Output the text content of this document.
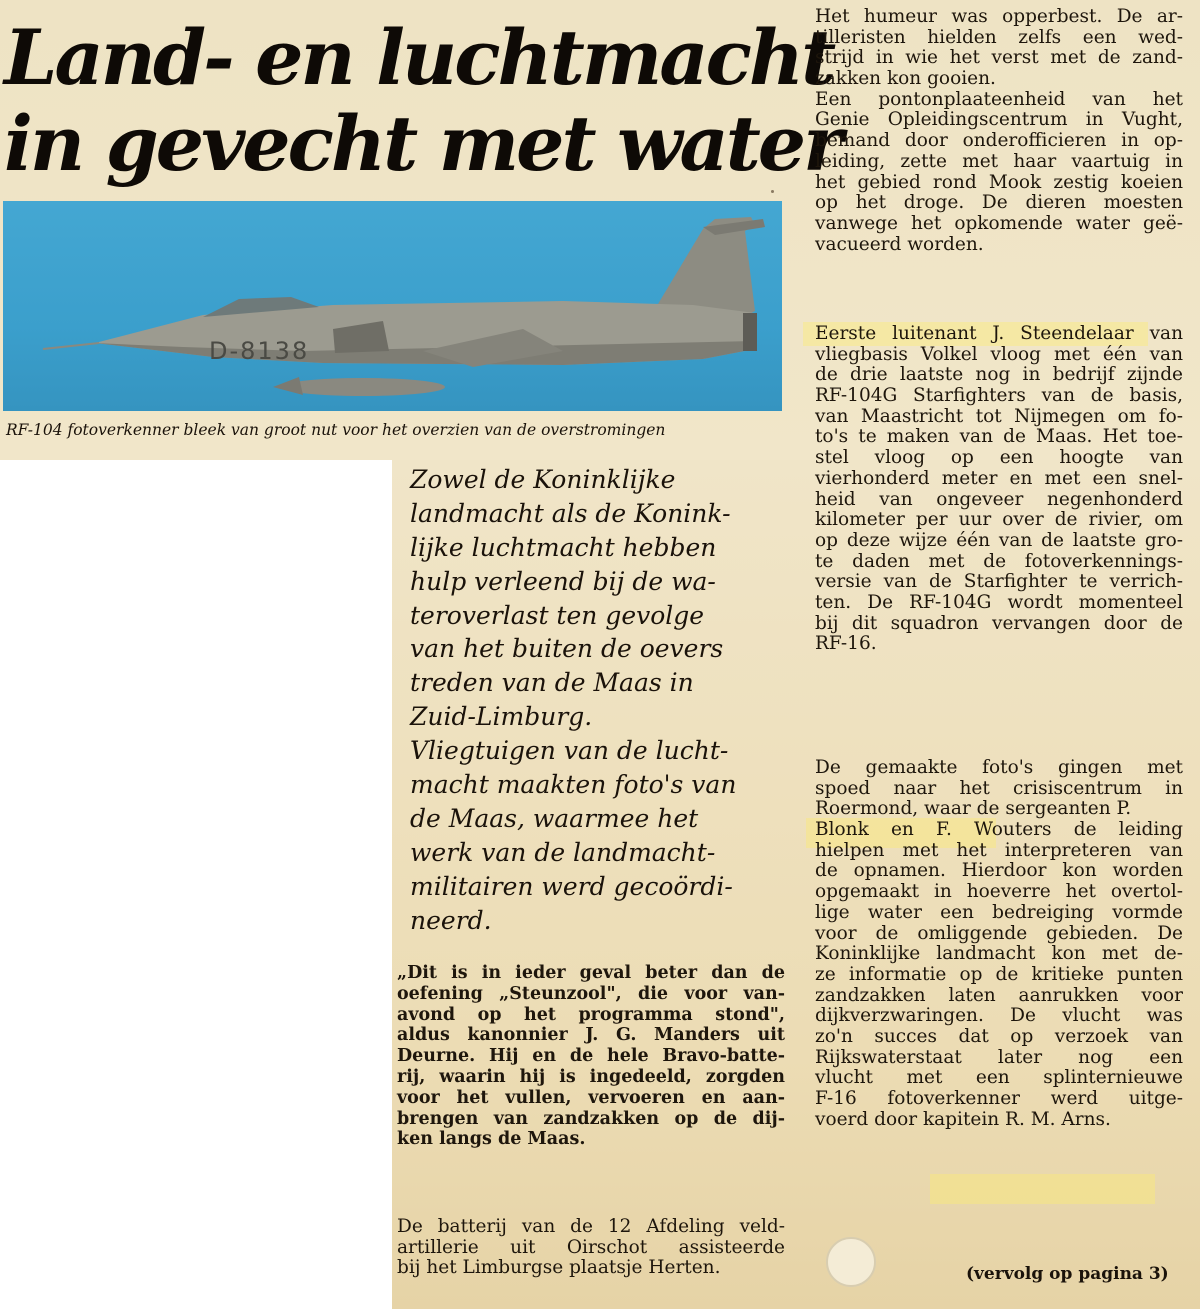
Land- en luchtmacht
in gevecht met water
D-8138
RF-104 fotoverkenner bleek van groot nut voor het overzien van de overstromingen
Zowel de Koninklijke
landmacht als de Konink-
lijke luchtmacht hebben
hulp verleend bij de wa-
teroverlast ten gevolge
van het buiten de oevers
treden van de Maas in
Zuid-Limburg.
Vliegtuigen van de lucht-
macht maakten foto's van
de Maas, waarmee het
werk van de landmacht-
militairen werd gecoördi-
neerd.
„Dit is in ieder geval beter dan de
oefening „Steunzool", die voor van-
avond op het programma stond",
aldus kanonnier J. G. Manders uit
Deurne. Hij en de hele Bravo-batte-
rij, waarin hij is ingedeeld, zorgden
voor het vullen, vervoeren en aan-
brengen van zandzakken op de dij-
ken langs de Maas.
De batterij van de 12 Afdeling veld-
artillerie uit Oirschot assisteerde
bij het Limburgse plaatsje Herten.
Het humeur was opperbest. De ar-
tilleristen hielden zelfs een wed-
strijd in wie het verst met de zand-
zakken kon gooien.
Een pontonplaateenheid van het
Genie Opleidingscentrum in Vught,
bemand door onderofficieren in op-
leiding, zette met haar vaartuig in
het gebied rond Mook zestig koeien
op het droge. De dieren moesten
vanwege het opkomende water geë-
vacueerd worden.
Eerste luitenant J. Steendelaar van
vliegbasis Volkel vloog met één van
de drie laatste nog in bedrijf zijnde
RF-104G Starfighters van de basis,
van Maastricht tot Nijmegen om fo-
to's te maken van de Maas. Het toe-
stel vloog op een hoogte van
vierhonderd meter en met een snel-
heid van ongeveer negenhonderd
kilometer per uur over de rivier, om
op deze wijze één van de laatste gro-
te daden met de fotoverkennings-
versie van de Starfighter te verrich-
ten. De RF-104G wordt momenteel
bij dit squadron vervangen door de
RF-16.
De gemaakte foto's gingen met
spoed naar het crisiscentrum in
Roermond, waar de sergeanten P.
Blonk en F. Wouters de leiding
hielpen met het interpreteren van
de opnamen. Hierdoor kon worden
opgemaakt in hoeverre het overtol-
lige water een bedreiging vormde
voor de omliggende gebieden. De
Koninklijke landmacht kon met de-
ze informatie op de kritieke punten
zandzakken laten aanrukken voor
dijkverzwaringen. De vlucht was
zo'n succes dat op verzoek van
Rijkswaterstaat later nog een
vlucht met een splinternieuwe
F-16 fotoverkenner werd uitge-
voerd door kapitein R. M. Arns.
(vervolg op pagina 3)
